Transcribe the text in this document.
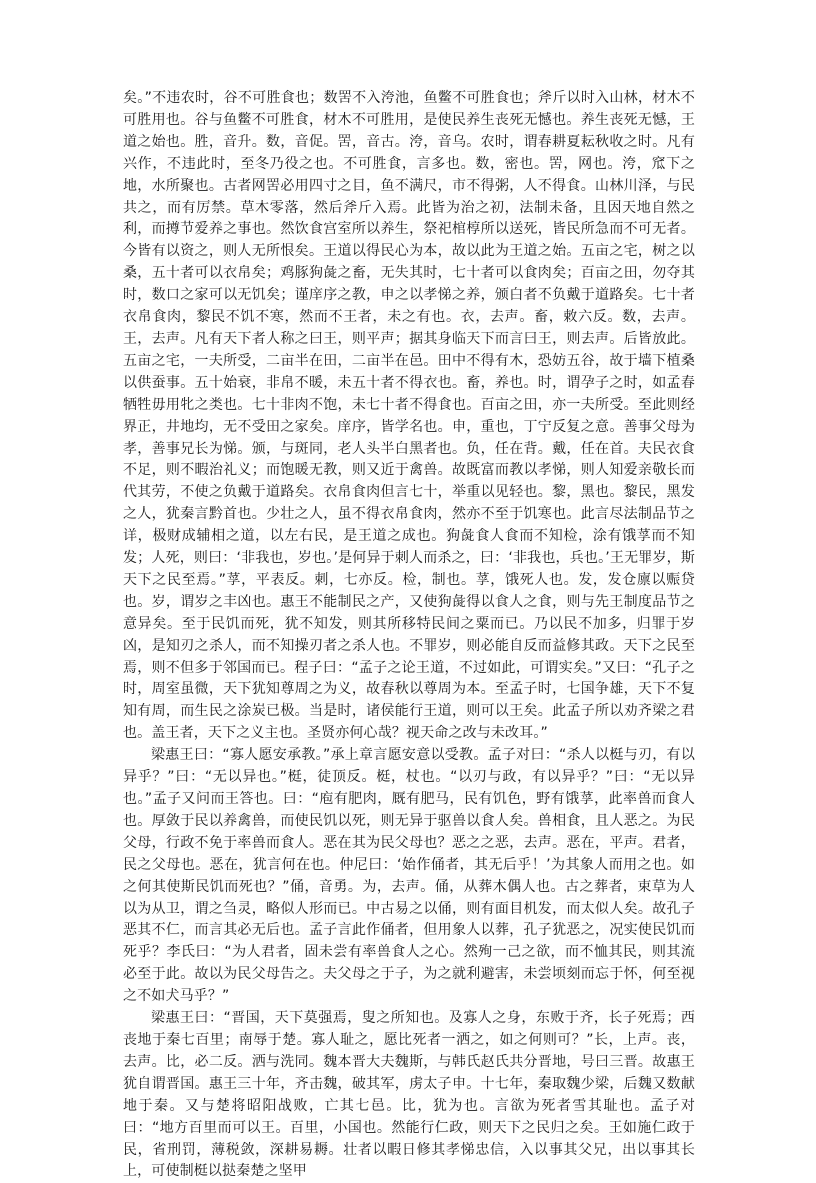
矣。”不违农时，谷不可胜食也；数罟不入洿池，鱼鳖不可胜食也；斧斤以时入山林，材木不可胜用也。谷与鱼鳖不可胜食，材木不可胜用，是使民养生丧死无憾也。养生丧死无憾，王道之始也。胜，音升。数，音促。罟，音古。洿，音乌。农时，谓春耕夏耘秋收之时。凡有兴作，不违此时，至冬乃役之也。不可胜食，言多也。数，密也。罟，网也。洿，窊下之地，水所聚也。古者网罟必用四寸之目，鱼不满尺，市不得粥，人不得食。山林川泽，与民共之，而有厉禁。草木零落，然后斧斤入焉。此皆为治之初，法制未备，且因天地自然之利，而撙节爱养之事也。然饮食宫室所以养生，祭祀棺椁所以送死，皆民所急而不可无者。今皆有以资之，则人无所恨矣。王道以得民心为本，故以此为王道之始。五亩之宅，树之以桑，五十者可以衣帛矣；鸡豚狗彘之畜，无失其时，七十者可以食肉矣；百亩之田，勿夺其时，数口之家可以无饥矣；谨庠序之教，申之以孝悌之养，颁白者不负戴于道路矣。七十者衣帛食肉，黎民不饥不寒，然而不王者，未之有也。衣，去声。畜，敕六反。数，去声。王，去声。凡有天下者人称之曰王，则平声；据其身临天下而言曰王，则去声。后皆放此。五亩之宅，一夫所受，二亩半在田，二亩半在邑。田中不得有木，恐妨五谷，故于墙下植桑以供蚕事。五十始衰，非帛不暖，未五十者不得衣也。畜，养也。时，谓孕子之时，如孟春牺牲毋用牝之类也。七十非肉不饱，未七十者不得食也。百亩之田，亦一夫所受。至此则经界正，井地均，无不受田之家矣。庠序，皆学名也。申，重也，丁宁反复之意。善事父母为孝，善事兄长为悌。颁，与斑同，老人头半白黑者也。负，任在背。戴，任在首。夫民衣食不足，则不暇治礼义；而饱暖无教，则又近于禽兽。故既富而教以孝悌，则人知爱亲敬长而代其劳，不使之负戴于道路矣。衣帛食肉但言七十，举重以见轻也。黎，黑也。黎民，黑发之人，犹秦言黔首也。少壮之人，虽不得衣帛食肉，然亦不至于饥寒也。此言尽法制品节之详，极财成辅相之道，以左右民，是王道之成也。狗彘食人食而不知检，涂有饿莩而不知发；人死，则曰：‘非我也，岁也。’是何异于刺人而杀之，曰：‘非我也，兵也。’王无罪岁，斯天下之民至焉。”莩，平表反。刺，七亦反。检，制也。莩，饿死人也。发，发仓廪以赈贷也。岁，谓岁之丰凶也。惠王不能制民之产，又使狗彘得以食人之食，则与先王制度品节之意异矣。至于民饥而死，犹不知发，则其所移特民间之粟而已。乃以民不加多，归罪于岁凶，是知刃之杀人，而不知操刃者之杀人也。不罪岁，则必能自反而益修其政。天下之民至焉，则不但多于邻国而已。程子曰：“孟子之论王道，不过如此，可谓实矣。”又曰：“孔子之时，周室虽微，天下犹知尊周之为义，故春秋以尊周为本。至孟子时，七国争雄，天下不复知有周，而生民之涂炭已极。当是时，诸侯能行王道，则可以王矣。此孟子所以劝齐梁之君也。盖王者，天下之义主也。圣贤亦何心哉？视天命之改与未改耳。”

梁惠王曰：“寡人愿安承教。”承上章言愿安意以受教。孟子对曰：“杀人以梃与刃，有以异乎？”曰：“无以异也。”梃，徒顶反。梃，杖也。“以刃与政，有以异乎？”曰：“无以异也。”孟子又问而王答也。曰：“庖有肥肉，厩有肥马，民有饥色，野有饿莩，此率兽而食人也。厚敛于民以养禽兽，而使民饥以死，则无异于驱兽以食人矣。兽相食，且人恶之。为民父母，行政不免于率兽而食人。恶在其为民父母也？恶之之恶，去声。恶在，平声。君者，民之父母也。恶在，犹言何在也。仲尼曰：‘始作俑者，其无后乎！’为其象人而用之也。如之何其使斯民饥而死也？”俑，音勇。为，去声。俑，从葬木偶人也。古之葬者，束草为人以为从卫，谓之刍灵，略似人形而已。中古易之以俑，则有面目机发，而太似人矣。故孔子恶其不仁，而言其必无后也。孟子言此作俑者，但用象人以葬，孔子犹恶之，况实使民饥而死乎？李氏曰：“为人君者，固未尝有率兽食人之心。然殉一己之欲，而不恤其民，则其流必至于此。故以为民父母告之。夫父母之于子，为之就利避害，未尝顷刻而忘于怀，何至视之不如犬马乎？”

梁惠王曰：“晋国，天下莫强焉，叟之所知也。及寡人之身，东败于齐，长子死焉；西丧地于秦七百里；南辱于楚。寡人耻之，愿比死者一洒之，如之何则可？”长，上声。丧，去声。比，必二反。洒与洗同。魏本晋大夫魏斯，与韩氏赵氏共分晋地，号曰三晋。故惠王犹自谓晋国。惠王三十年，齐击魏，破其军，虏太子申。十七年，秦取魏少梁，后魏又数献地于秦。又与楚将昭阳战败，亡其七邑。比，犹为也。言欲为死者雪其耻也。孟子对曰：“地方百里而可以王。百里，小国也。然能行仁政，则天下之民归之矣。王如施仁政于民，省刑罚，薄税敛，深耕易耨。壮者以暇日修其孝悌忠信，入以事其父兄，出以事其长上，可使制梃以挞秦楚之坚甲
